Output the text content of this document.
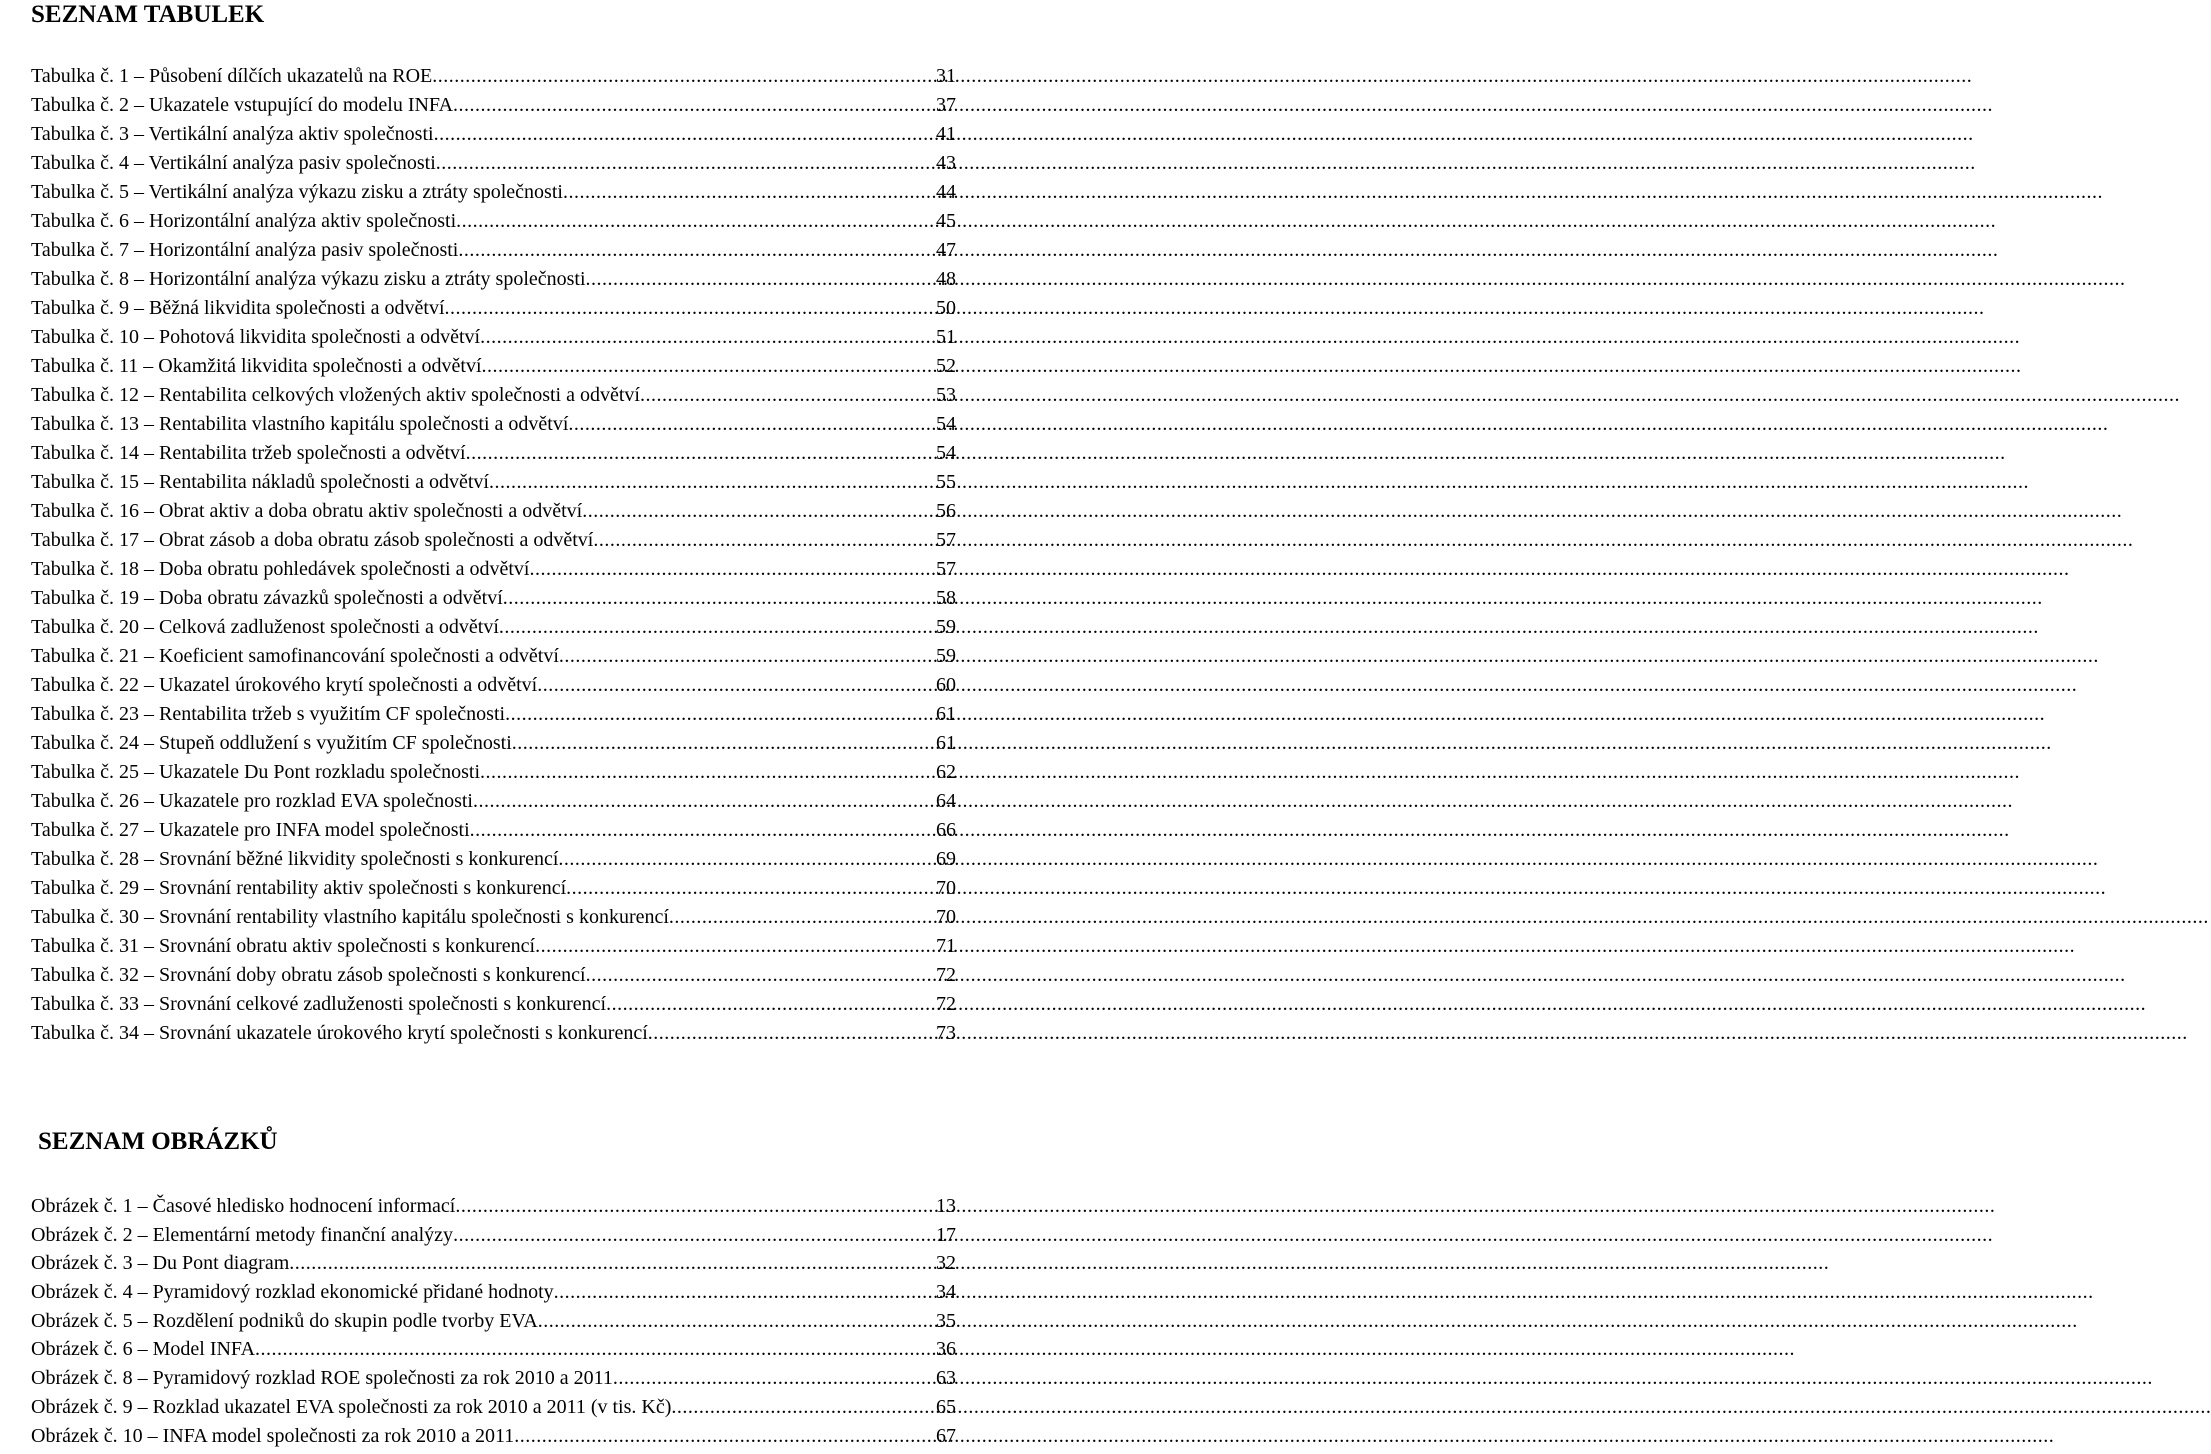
SEZNAM TABULEK
Tabulka č. 1 – Působení dílčích ukazatelů na ROE .....	31
Tabulka č. 2 – Ukazatele vstupující do modelu INFA .....	37
Tabulka č. 3 – Vertikální analýza aktiv společnosti .....	41
Tabulka č. 4 – Vertikální analýza pasiv společnosti .....	43
Tabulka č. 5 – Vertikální analýza výkazu zisku a ztráty společnosti .....	44
Tabulka č. 6 – Horizontální analýza aktiv společnosti .....	45
Tabulka č. 7 – Horizontální analýza pasiv společnosti .....	47
Tabulka č. 8 – Horizontální analýza výkazu zisku a ztráty společnosti .....	48
Tabulka č. 9 – Běžná likvidita společnosti a odvětví .....	50
Tabulka č. 10 – Pohotová likvidita společnosti a odvětví .....	51
Tabulka č. 11 – Okamžitá likvidita společnosti a odvětví .....	52
Tabulka č. 12 – Rentabilita celkových vložených aktiv společnosti a odvětví .....	53
Tabulka č. 13 – Rentabilita vlastního kapitálu společnosti a odvětví .....	54
Tabulka č. 14 – Rentabilita tržeb společnosti a odvětví .....	54
Tabulka č. 15 – Rentabilita nákladů společnosti a odvětví .....	55
Tabulka č. 16 – Obrat aktiv a doba obratu aktiv společnosti a odvětví .....	56
Tabulka č. 17 – Obrat zásob a doba obratu zásob společnosti a odvětví .....	57
Tabulka č. 18 – Doba obratu pohledávek společnosti a odvětví .....	57
Tabulka č. 19 – Doba obratu závazků společnosti a odvětví .....	58
Tabulka č. 20 – Celková zadluženost společnosti a odvětví .....	59
Tabulka č. 21 – Koeficient samofinancování společnosti a odvětví .....	59
Tabulka č. 22 – Ukazatel úrokového krytí společnosti a odvětví .....	60
Tabulka č. 23 – Rentabilita tržeb s využitím CF společnosti .....	61
Tabulka č. 24 – Stupeň oddlužení s využitím CF společnosti .....	61
Tabulka č. 25 – Ukazatele Du Pont rozkladu společnosti .....	62
Tabulka č. 26 – Ukazatele pro rozklad EVA společnosti .....	64
Tabulka č. 27 – Ukazatele pro INFA model společnosti .....	66
Tabulka č. 28 – Srovnání běžné likvidity společnosti s konkurencí .....	69
Tabulka č. 29 – Srovnání rentability aktiv společnosti s konkurencí .....	70
Tabulka č. 30 – Srovnání rentability vlastního kapitálu společnosti s konkurencí .....	70
Tabulka č. 31 – Srovnání obratu aktiv společnosti s konkurencí .....	71
Tabulka č. 32 – Srovnání doby obratu zásob společnosti s konkurencí .....	72
Tabulka č. 33 – Srovnání celkové zadluženosti společnosti s konkurencí .....	72
Tabulka č. 34 – Srovnání ukazatele úrokového krytí společnosti s konkurencí .....	73
SEZNAM OBRÁZKŮ
Obrázek č. 1 – Časové hledisko hodnocení informací .....	13
Obrázek č. 2 – Elementární metody finanční analýzy .....	17
Obrázek č. 3 – Du Pont diagram .....	32
Obrázek č. 4 – Pyramidový rozklad ekonomické přidané hodnoty .....	34
Obrázek č. 5 – Rozdělení podniků do skupin podle tvorby EVA .....	35
Obrázek č. 6 – Model INFA .....	36
Obrázek č. 8 – Pyramidový rozklad ROE společnosti za rok 2010 a 2011 .....	63
Obrázek č. 9 – Rozklad ukazatel EVA společnosti za rok 2010 a 2011 (v tis. Kč) .....	65
Obrázek č. 10 – INFA model společnosti za rok 2010 a 2011 .....	67
